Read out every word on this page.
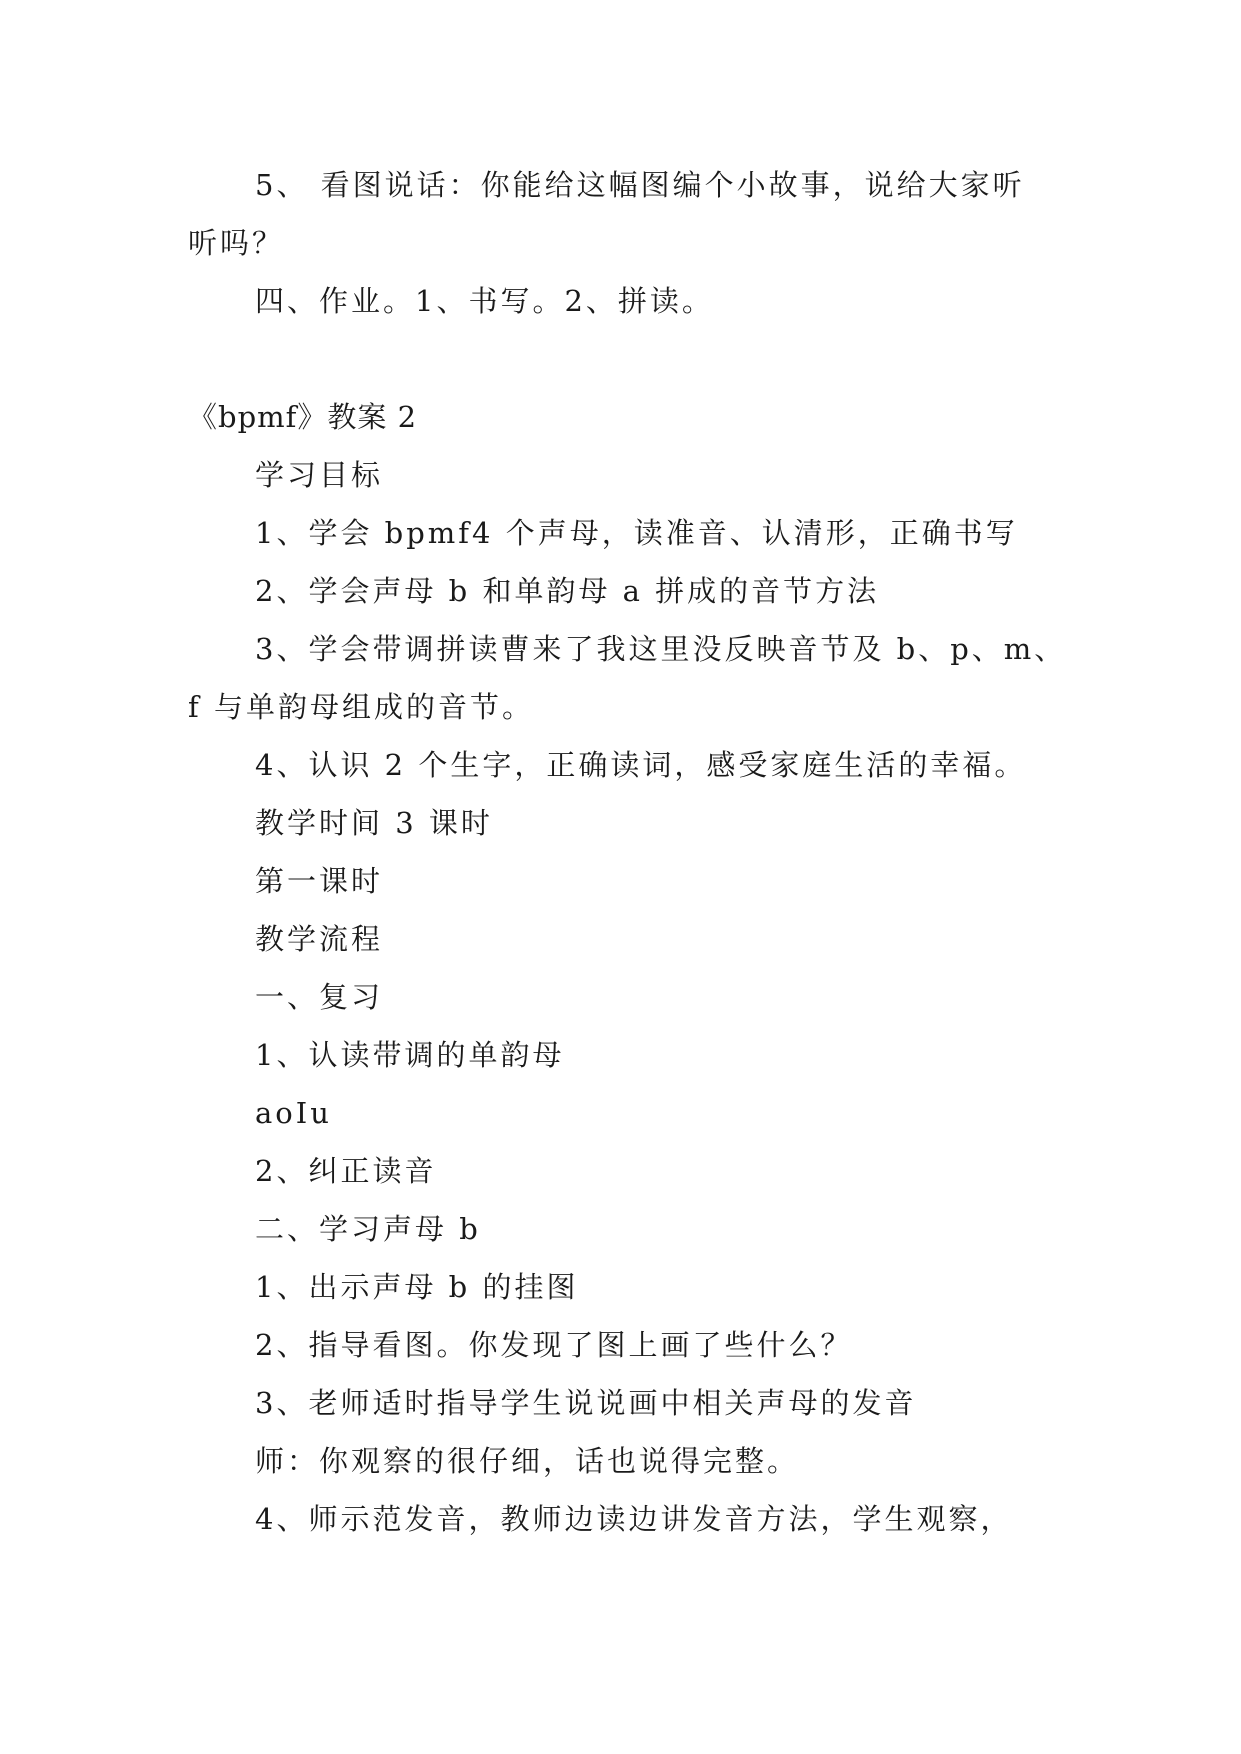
5、 看图说话：你能给这幅图编个小故事，说给大家听
听吗？
四、作业。1、书写。2、拼读。
《bpmf》教案 2
学习目标
1、学会 bpmf4 个声母，读准音、认清形，正确书写
2、学会声母 b 和单韵母 a 拼成的音节方法
3、学会带调拼读曹来了我这里没反映音节及 b、p、m、
f 与单韵母组成的音节。
4、认识 2 个生字，正确读词，感受家庭生活的幸福。
教学时间 3 课时
第一课时
教学流程
一、复习
1、认读带调的单韵母
aoIu
2、纠正读音
二、学习声母 b
1、出示声母 b 的挂图
2、指导看图。你发现了图上画了些什么？
3、老师适时指导学生说说画中相关声母的发音
师：你观察的很仔细，话也说得完整。
4、师示范发音，教师边读边讲发音方法，学生观察，
